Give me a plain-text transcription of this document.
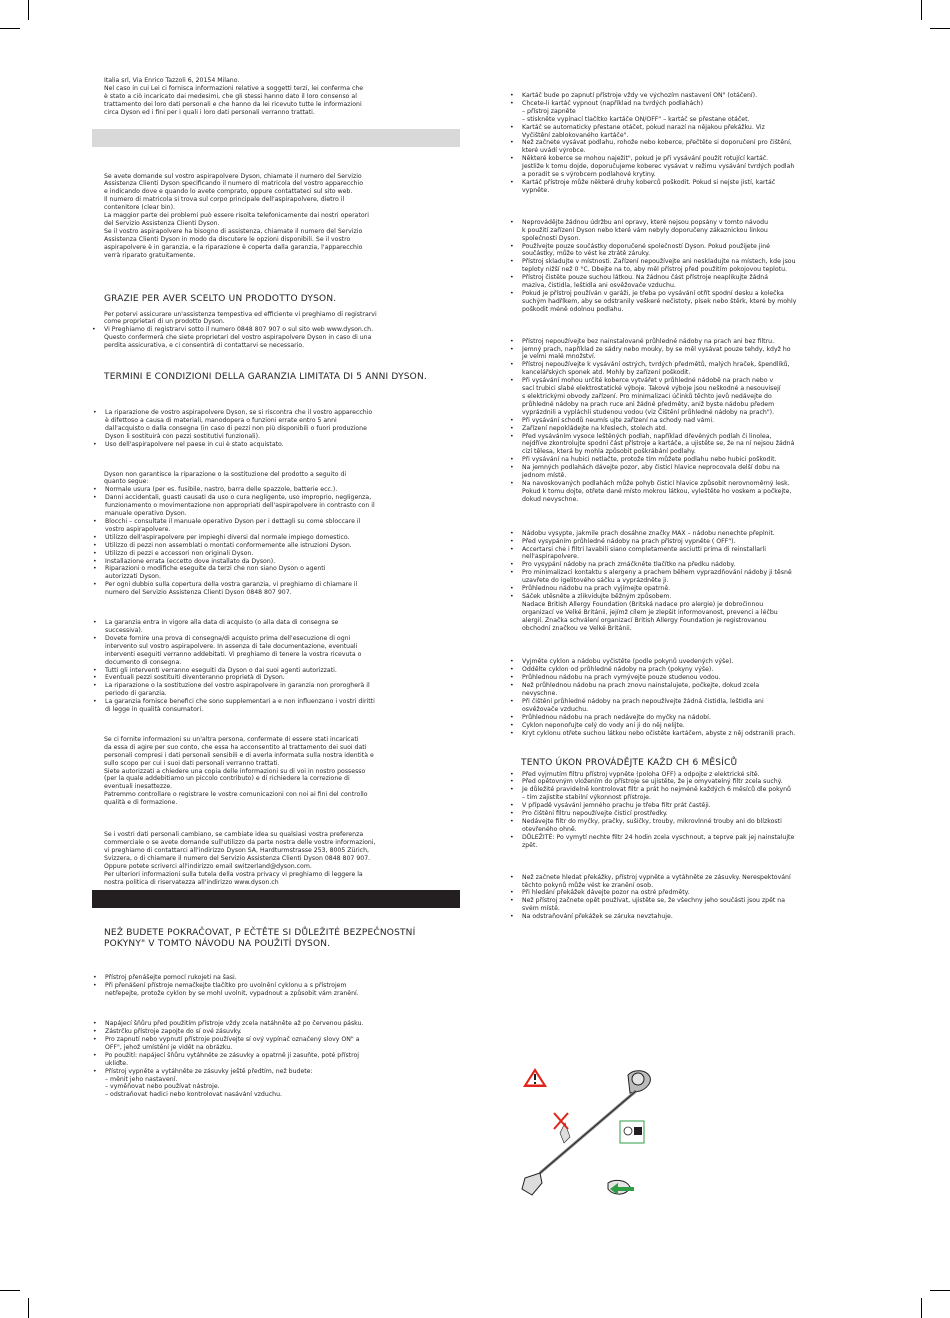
Italia srl, Via Enrico Tazzoli 6, 20154 Milano.

Nel caso in cui Lei ci fornisca informazioni relative a soggetti terzi, lei conferma che

è stato a ciò incaricato dai medesimi, che gli stessi hanno dato il loro consenso al

trattamento dei loro dati personali e che hanno da lei ricevuto tutte le informazioni

circa Dyson ed i fini per i quali i loro dati personali verranno trattati.

Se avete domande sul vostro aspirapolvere Dyson, chiamate il numero del Servizio

Assistenza Clienti Dyson specificando il numero di matricola del vostro apparecchio

e indicando dove e quando lo avete comprato, oppure contattateci sul sito web.

Il numero di matricola si trova sul corpo principale dell'aspirapolvere, dietro il

contenitore (clear bin).

La maggior parte dei problemi può essere risolta telefonicamente dai nostri operatori

del Servizio Assistenza Clienti Dyson.

Se il vostro aspirapolvere ha bisogno di assistenza, chiamate il numero del Servizio

Assistenza Clienti Dyson in modo da discutere le opzioni disponibili. Se il vostro

aspirapolvere è in garanzia, e la riparazione è coperta dalla garanzia, l'apparecchio

verrà riparato gratuitamente.

GRAZIE PER AVER SCELTO UN PRODOTTO DYSON.

Per potervi assicurare un'assistenza tempestiva ed efficiente vi preghiamo di registrarvi

come proprietari di un prodotto Dyson.

• Vi Preghiamo di registrarvi sotto il numero 0848 807 907 o sul sito web www.dyson.ch.
Questo confermerà che siete proprietari del vostro aspirapolvere Dyson in caso di una
perdita assicurativa, e ci consentirà di contattarvi se necessario.
TERMINI E CONDIZIONI DELLA GARANZIA LIMITATA DI 5 ANNI DYSON.
• La riparazione de vostro aspirapolvere Dyson, se si riscontra che il vostro apparecchio
è difettoso a causa di materiali, manodopera o funzioni errate entro 5 anni
dall'acquisto o dalla consegna (in caso di pezzi non più disponibili o fuori produzione
Dyson li sostituirà con pezzi sostitutivi funzionali).
• Uso dell'aspirapolvere nel paese in cui è stato acquistato.

Dyson non garantisce la riparazione o la sostituzione del prodotto a seguito di

quanto segue:

• Normale usura (per es. fusibile, nastro, barra delle spazzole, batterie ecc.).
• Danni accidentali, guasti causati da uso o cura negligente, uso improprio, negligenza,
funzionamento o movimentazione non appropriati dell'aspirapolvere in contrasto con il
manuale operativo Dyson.
• Blocchi – consultate il manuale operativo Dyson per i dettagli su come sbloccare il
vostro aspirapolvere.
• Utilizzo dell'aspirapolvere per impieghi diversi dal normale impiego domestico.
• Utilizzo di pezzi non assemblati o montati conformemente alle istruzioni Dyson.
• Utilizzo di pezzi e accessori non originali Dyson.
• Installazione errata (eccetto dove installato da Dyson).
• Riparazioni o modifiche eseguite da terzi che non siano Dyson o agenti
autorizzati Dyson.
• Per ogni dubbio sulla copertura della vostra garanzia, vi preghiamo di chiamare il
numero del Servizio Assistenza Clienti Dyson 0848 807 907.
• La garanzia entra in vigore alla data di acquisto (o alla data di consegna se
successiva).
• Dovete fornire una prova di consegna/di acquisto prima dell'esecuzione di ogni
intervento sul vostro aspirapolvere. In assenza di tale documentazione, eventuali
interventi eseguiti verranno addebitati. Vi preghiamo di tenere la vostra ricevuta o
documento di consegna.
• Tutti gli interventi verranno eseguiti da Dyson o dai suoi agenti autorizzati.
• Eventuali pezzi sostituiti diventeranno proprietà di Dyson.
• La riparazione o la sostituzione del vostro aspirapolvere in garanzia non prorogherà il
periodo di garanzia.
• La garanzia fornisce benefici che sono supplementari a e non influenzano i vostri diritti
di legge in qualità consumatori.

Se ci fornite informazioni su un'altra persona, confermate di essere stati incaricati

da essa di agire per suo conto, che essa ha acconsentito al trattamento dei suoi dati

personali compresi i dati personali sensibili e di averla informata sulla nostra identità e

sullo scopo per cui i suoi dati personali verranno trattati.

Siete autorizzati a chiedere una copia delle informazioni su di voi in nostro possesso

(per la quale addebitiamo un piccolo contributo) e di richiedere la correzione di

eventuali inesattezze.

Patremmo controllare o registrare le vostre comunicazioni con noi ai fini del controllo

qualità e di formazione.

Se i vostri dati personali cambiano, se cambiate idea su qualsiasi vostra preferenza

commerciale o se avete domande sull'utilizzo da parte nostra delle vostre informazioni,

vi preghiamo di contattarci all'indirizzo Dyson SA, Hardturmstrasse 253, 8005 Zürich,

Svizzera, o di chiamare il numero del Servizio Assistenza Clienti Dyson 0848 807 907.

Oppure potete scriverci all'indirizzo email switzerland@dyson.com.

Per ulteriori informazioni sulla tutela della vostra privacy vi preghiamo di leggere la

nostra politica di riservatezza all'indirizzo www.dyson.ch

NEŽ BUDETE POKRAČOVAT, P EČTĚTE SI DŮLEŽITÉ BEZPEČNOSTNÍ
POKYNY" V TOMTO NÁVODU NA POUŽITÍ DYSON.
• Přístroj přenášejte pomocí rukojeti na šasi.
• Při přenášení přístroje nemačkejte tlačítko pro uvolnění cyklonu a s přístrojem
netřepejte, protože cyklon by se mohl uvolnit, vypadnout a způsobit vám zranění.
• Napájecí šňůru před použitím přístroje vždy zcela natáhněte až po červenou pásku.
• Zástrčku přístroje zapojte do sí ové zásuvky.
• Pro zapnutí nebo vypnutí přístroje používejte sí ový vypínač označený slovy ON" a
OFF", jehož umístění je vidět na obrázku.
• Po použití: napájecí šňůru vytáhněte ze zásuvky a opatrně ji zasuňte, poté přístroj
ukliďte.
• Přístroj vypněte a vytáhněte ze zásuvky ještě předtím, než budete:
– měnit jeho nastavení.
– vyměňovat nebo používat nástroje.
– odstraňovat hadici nebo kontrolovat nasávání vzduchu.
• Kartáč bude po zapnutí přístroje vždy ve výchozím nastavení ON" (otáčení).
• Chcete-li kartáč vypnout (například na tvrdých podlahách)
– přístroj zapněte
– stiskněte vypínací tlačítko kartáče ON/OFF" – kartáč se přestane otáčet.
• Kartáč se automaticky přestane otáčet, pokud narazí na nějakou překážku. Viz
Vyčištění zablokovaného kartáče".
• Než začnete vysávat podlahu, rohože nebo koberce, přečtěte si doporučení pro čištění,
které uvádí výrobce.
• Některé koberce se mohou naježit", pokud je při vysávání použit rotující kartáč.
Jestliže k tomu dojde, doporučujeme koberec vysávat v režimu vysávání tvrdých podlah
a poradit se s výrobcem podlahové krytiny.
• Kartáč přístroje může některé druhy koberců poškodit. Pokud si nejste jistí, kartáč
vypněte.
• Neprovádějte žádnou údržbu ani opravy, které nejsou popsány v tomto návodu
k použití zařízení Dyson nebo které vám nebyly doporučeny zákaznickou linkou
společnosti Dyson.
• Používejte pouze součástky doporučené společností Dyson. Pokud použijete jiné
součástky, může to vést ke ztrátě záruky.
• Přístroj skladujte v místnosti. Zařízení nepoužívejte ani neskladujte na místech, kde jsou
teploty nižší než 0 °C. Dbejte na to, aby měl přístroj před použitím pokojovou teplotu.
• Přístroj čistěte pouze suchou látkou. Na žádnou část přístroje neaplikujte žádná
maziva, čistidla, leštidla ani osvěžovače vzduchu.
• Pokud je přístroj používán v garáži, je třeba po vysávání otřít spodní desku a kolečka
suchým hadříkem, aby se odstranily veškeré nečistoty, písek nebo štěrk, které by mohly
poškodit méně odolnou podlahu.
• Přístroj nepoužívejte bez nainstalované průhledné nádoby na prach ani bez filtru.
• Jemný prach, například ze sádry nebo mouky, by se měl vysávat pouze tehdy, když ho
je velmi malé množství.
• Přístroj nepoužívejte k vysávání ostrých, tvrdých předmětů, malých hraček, špendlíků,
kancelářských sponek atd. Mohly by zařízení poškodit.
• Při vysávání mohou určité koberce vytvářet v průhledné nádobě na prach nebo v
sací trubici slabé elektrostatické výboje. Takové výboje jsou neškodné a nesouvisejí
s elektrickými obvody zařízení. Pro minimalizaci účinků těchto jevů nedávejte do
průhledné nádoby na prach ruce ani žádné předměty, aniž byste nádobu předem
vyprázdnili a vypláchli studenou vodou (viz Čištění průhledné nádoby na prach").
• Při vysávání schodů neumís ujte zařízení na schody nad vámi.
• Zařízení nepokládejte na křeslech, stolech atd.
• Před vysáváním vysoce leštěných podlah, například dřevěných podlah či linolea,
nejdříve zkontrolujte spodní část přístroje a kartáče, a ujistěte se, že na ní nejsou žádná
cizí tělesa, která by mohla způsobit poškrábání podlahy.
• Při vysávání na hubici netlačte, protože tím můžete podlahu nebo hubici poškodit.
• Na jemných podlahách dávejte pozor, aby čisticí hlavice neprocovala delší dobu na
jednom místě.
• Na navoskovaných podlahách může pohyb čisticí hlavice způsobit nerovnoměrný lesk.
Pokud k tomu dojte, otřete dané místo mokrou látkou, vyleštěte ho voskem a počkejte,
dokud nevyschne.
• Nádobu vysypte, jakmile prach dosáhne značky MAX – nádobu nenechte přeplnit.
• Před vysypáním průhledné nádoby na prach přístroj vypněte ( OFF").
• Accertarsi che i filtri lavabili siano completamente asciutti prima di reinstallarli
nell'aspirapolvere.
• Pro vysypání nádoby na prach zmáčkněte tlačítko na předku nádoby.
• Pro minimalizaci kontaktu s alergeny a prachem během vyprazdňování nádoby ji těsně
uzavřete do igelitového sáčku a vyprázdněte ji.
• Průhlednou nádobu na prach vyjímejte opatrně.
• Sáček utěsněte a zlikvidujte běžným způsobem.
Nadace British Allergy Foundation (Britská nadace pro alergie) je dobročinnou
organizací ve Velké Británii, jejímž cílem je zlepšit informovanost, prevenci a léčbu
alergií. Značka schválení organizací British Allergy Foundation je registrovanou
obchodní značkou ve Velké Británii.
• Vyjměte cyklon a nádobu vyčistěte (podle pokynů uvedených výše).
• Oddělte cyklon od průhledné nádoby na prach (pokyny výše).
• Průhlednou nádobu na prach vymývejte pouze studenou vodou.
• Než průhlednou nádobu na prach znovu nainstalujete, počkejte, dokud zcela
nevyschne.
• Při čištění průhledné nádoby na prach nepoužívejte žádná čistidla, leštidla ani
osvěžovače vzduchu.
• Průhlednou nádobu na prach nedávejte do myčky na nádobí.
• Cyklon neponořujte celý do vody ani ji do něj nelijte.
• Kryt cyklonu otřete suchou látkou nebo očistěte kartáčem, abyste z něj odstranili prach.
TENTO ÚKON PROVÁDĚJTE KAŽD CH 6 MĚSÍCŮ
• Před vyjmutím filtru přístroj vypněte (poloha OFF) a odpojte z elektrické sítě.
• Před opětovným vložením do přístroje se ujistěte, že je omyvatelný filtr zcela suchý.
• Je důležité pravidelně kontrolovat filtr a prát ho nejméně každých 6 měsíců dle pokynů
– tím zajistíte stabilní výkonnost přístroje.
• V případě vysávání jemného prachu je třeba filtr prát častěji.
• Pro čištění filtru nepoužívejte čisticí prostředky.
• Nedávejte filtr do myčky, pračky, sušičky, trouby, mikrovlnné trouby ani do blízkosti
otevřeného ohně.
• DŮLEŽITÉ: Po vymytí nechte filtr 24 hodin zcela vyschnout, a teprve pak jej nainstalujte
zpět.
• Než začnete hledat překážky, přístroj vypněte a vytáhněte ze zásuvky. Nerespektování
těchto pokynů může vést ke zranění osob.
• Při hledání překážek dávejte pozor na ostré předměty.
• Než přístroj začnete opět používat, ujistěte se, že všechny jeho součásti jsou zpět na
svém místě.
• Na odstraňování překážek se záruka nevztahuje.
